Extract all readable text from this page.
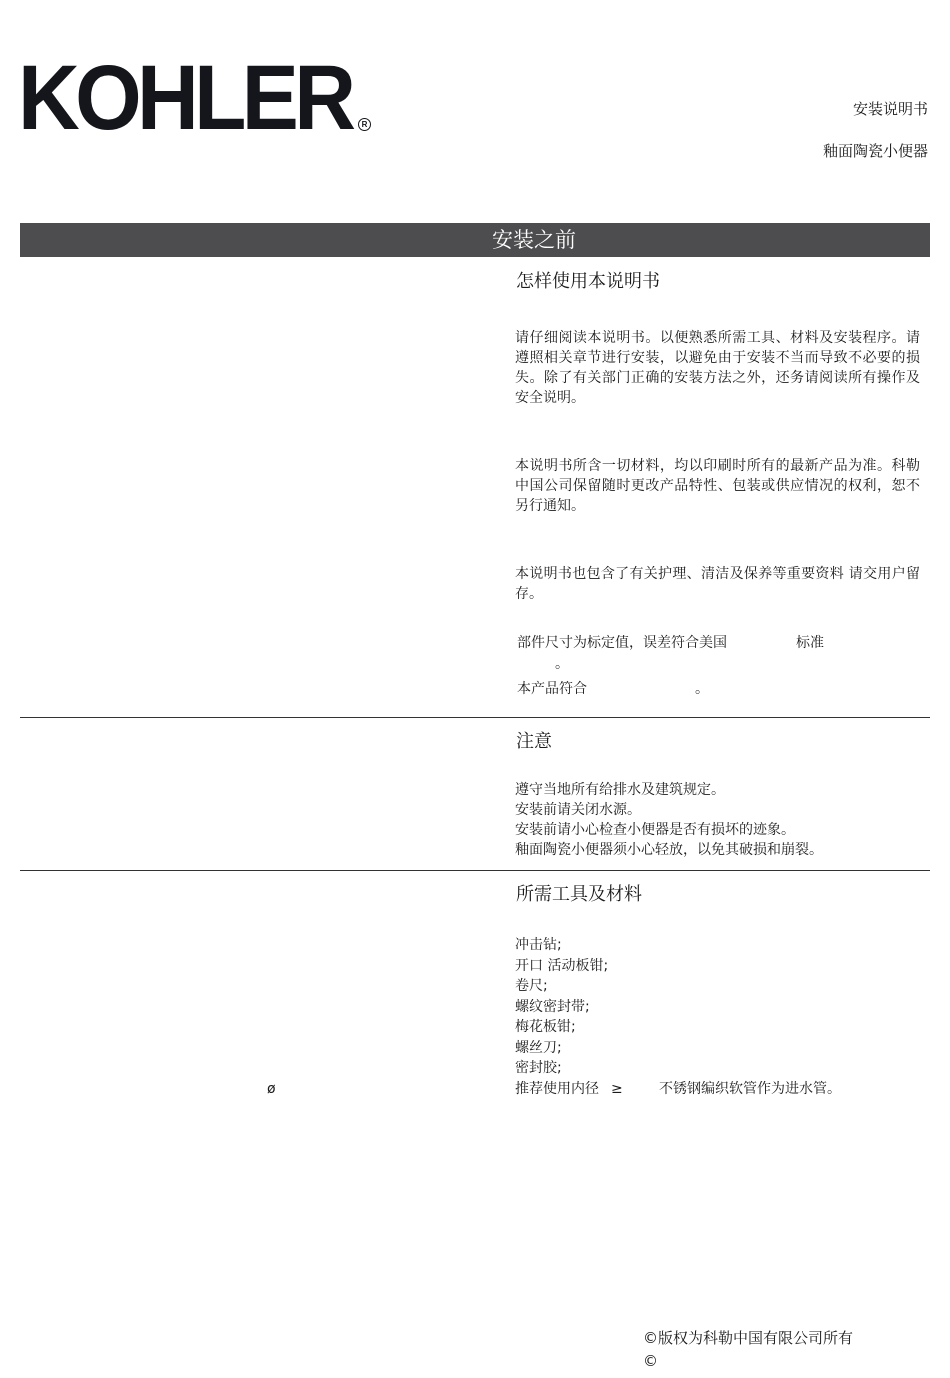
KOHLER	R
安装说明书
釉面陶瓷小便器
安装之前
怎样使用本说明书
请仔细阅读本说明书。以便熟悉所需工具、材料及安装程序。请遵照相关章节进行安装，以避免由于安装不当而导致不必要的损失。除了有关部门正确的安装方法之外，还务请阅读所有操作及安全说明。
本说明书所含一切材料，均以印刷时所有的最新产品为准。科勒中国公司保留随时更改产品特性、包装或供应情况的权利，恕不另行通知。
本说明书也包含了有关护理、清洁及保养等重要资料 请交用户留存。
部件尺寸为标定值，误差符合美国	标准
。
本产品符合	。
注意
遵守当地所有给排水及建筑规定。
安装前请关闭水源。
安装前请小心检查小便器是否有损坏的迹象。
釉面陶瓷小便器须小心轻放，以免其破损和崩裂。
所需工具及材料
冲击钻;
开口 活动板钳;
卷尺;
螺纹密封带;
梅花板钳;
螺丝刀;
密封胶;
推荐使用内径 ≥	不锈钢编织软管作为进水管。
ø
©版权为科勒中国有限公司所有
©
